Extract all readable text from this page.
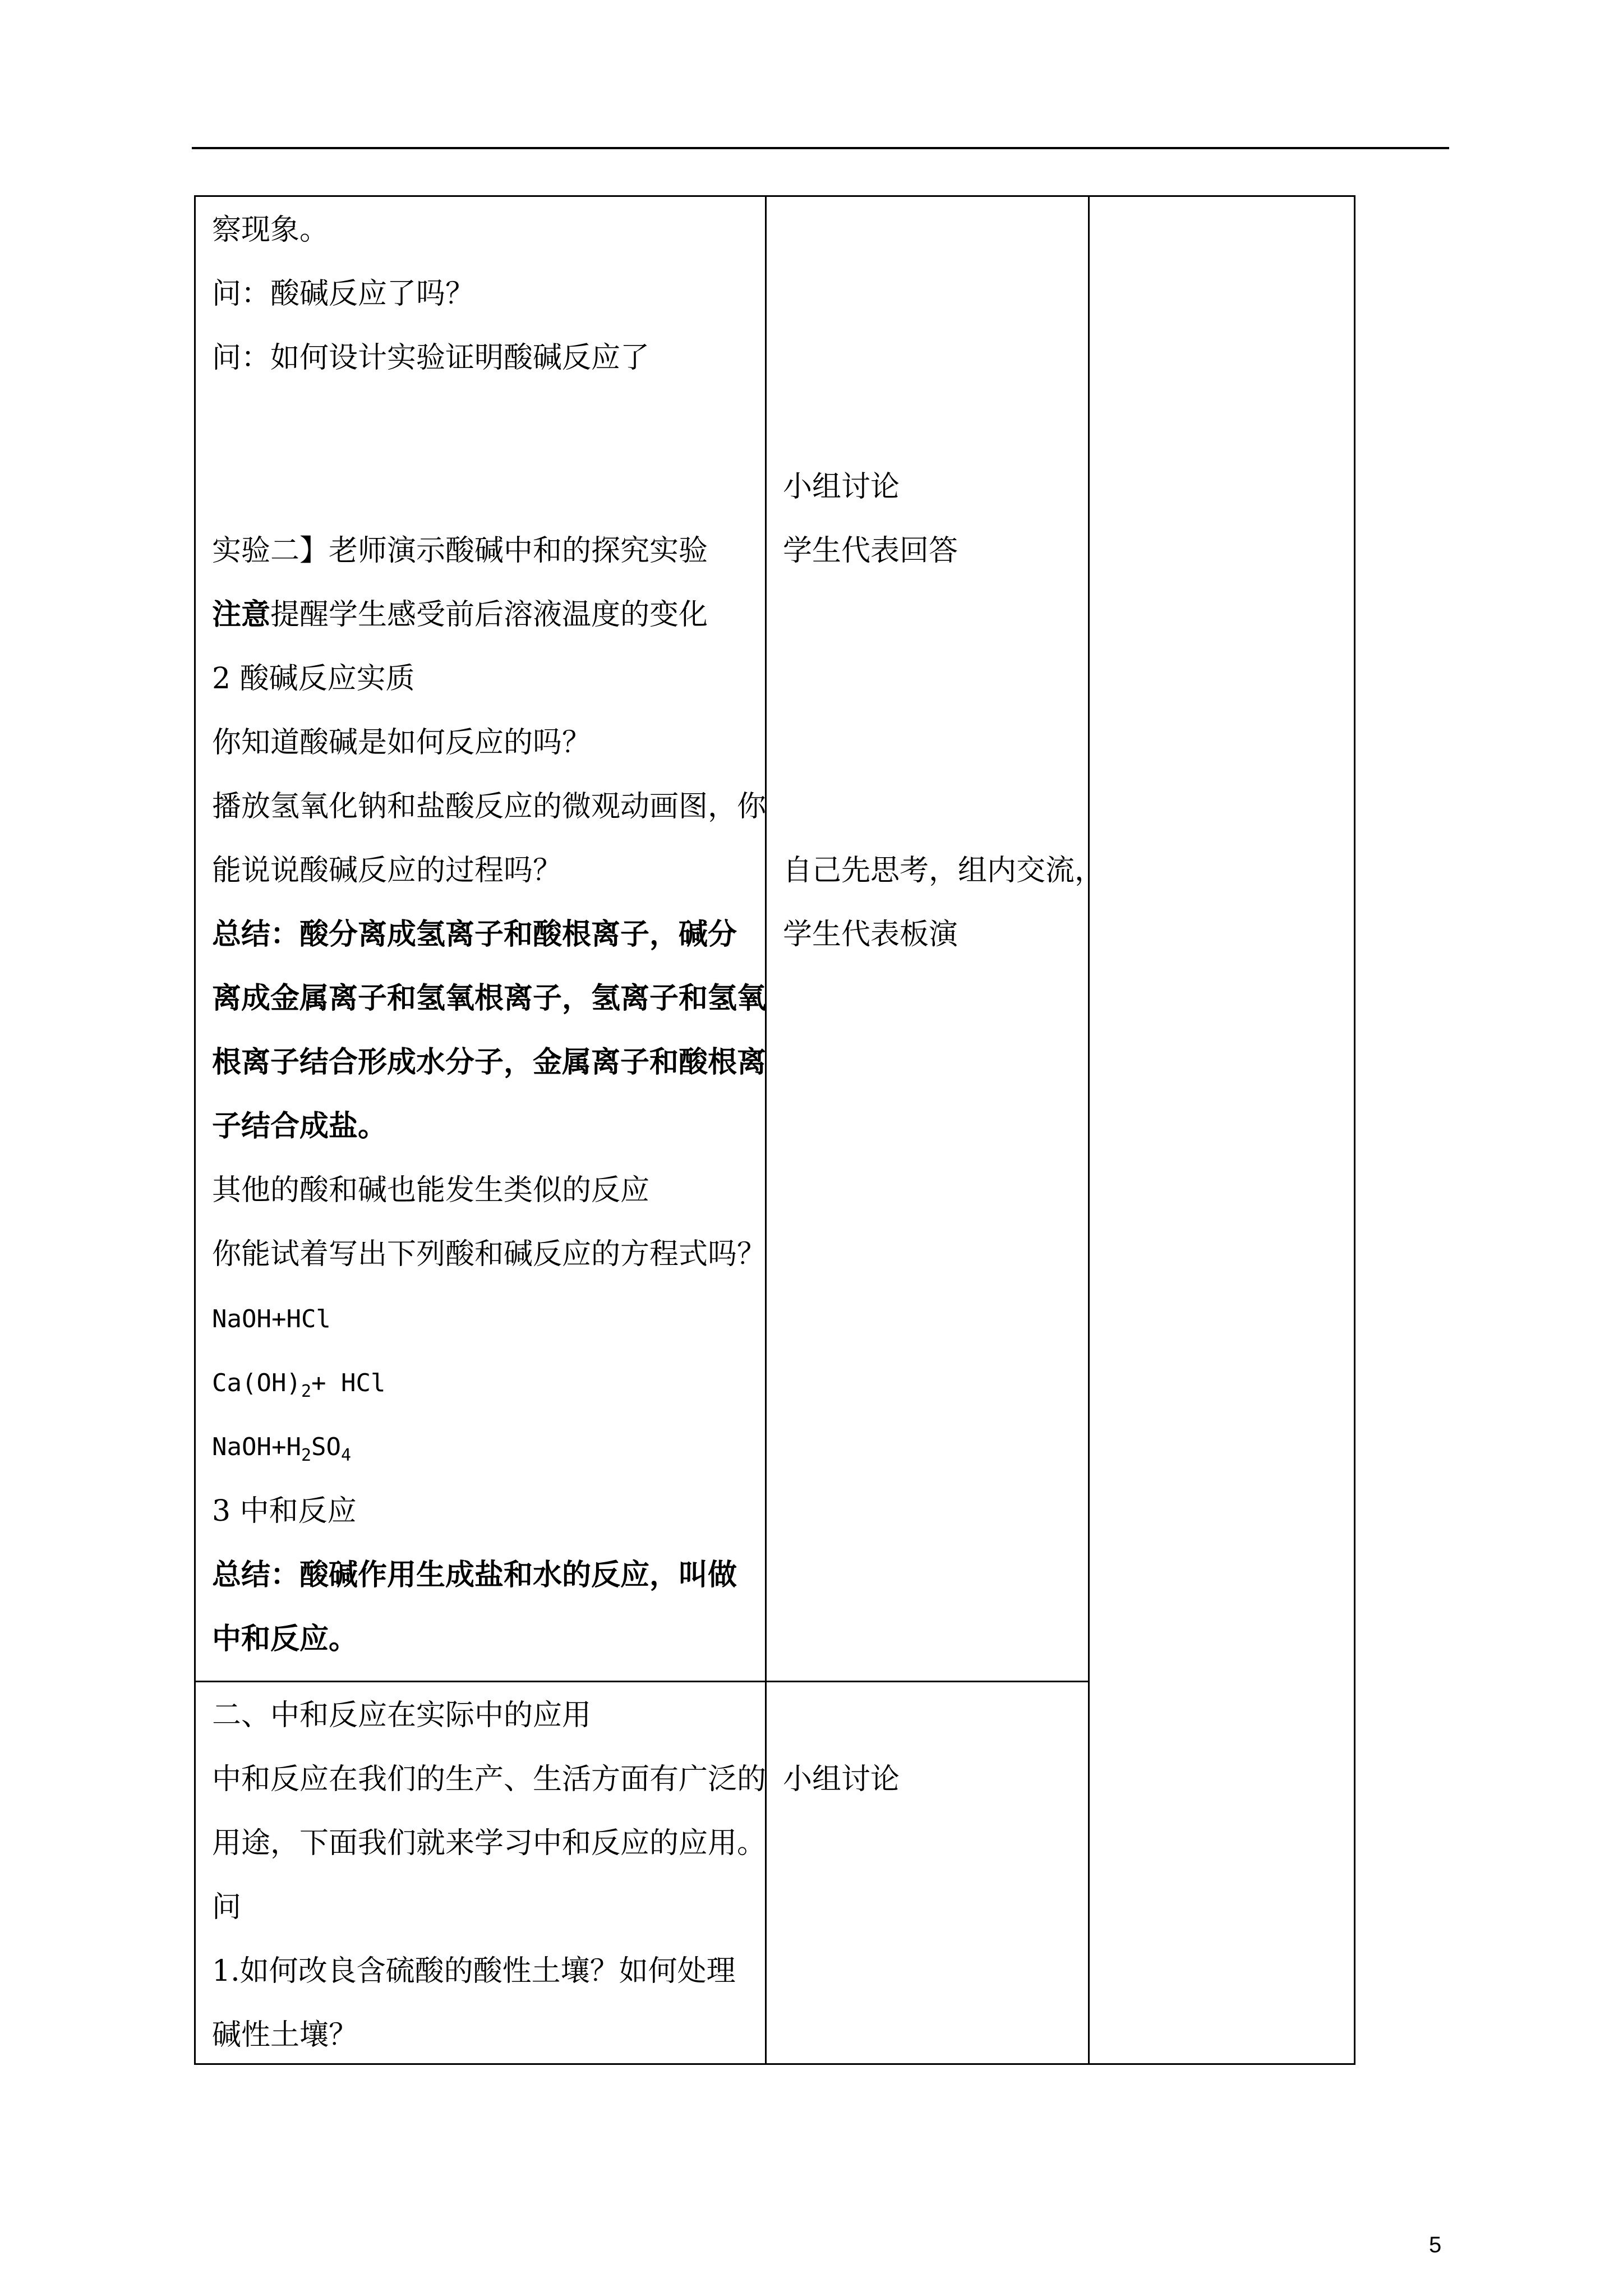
察现象。
问：酸碱反应了吗？
问：如何设计实验证明酸碱反应了
实验二】老师演示酸碱中和的探究实验
注意提醒学生感受前后溶液温度的变化
2 酸碱反应实质
你知道酸碱是如何反应的吗？
播放氢氧化钠和盐酸反应的微观动画图，你
能说说酸碱反应的过程吗？
总结：酸分离成氢离子和酸根离子，碱分
离成金属离子和氢氧根离子，氢离子和氢氧
根离子结合形成水分子，金属离子和酸根离
子结合成盐。
其他的酸和碱也能发生类似的反应
你能试着写出下列酸和碱反应的方程式吗？
NaOH+HCl
$Ca(OH)_2+$ HCl
$NaOH+H_2SO_4$
3 中和反应
总结：酸碱作用生成盐和水的反应，叫做
中和反应。
二、中和反应在实际中的应用
中和反应在我们的生产、生活方面有广泛的
用途，下面我们就来学习中和反应的应用。
问
1.如何改良含硫酸的酸性土壤？如何处理
碱性土壤？
小组讨论
学生代表回答
自己先思考，组内交流，
学生代表板演
小组讨论
5
